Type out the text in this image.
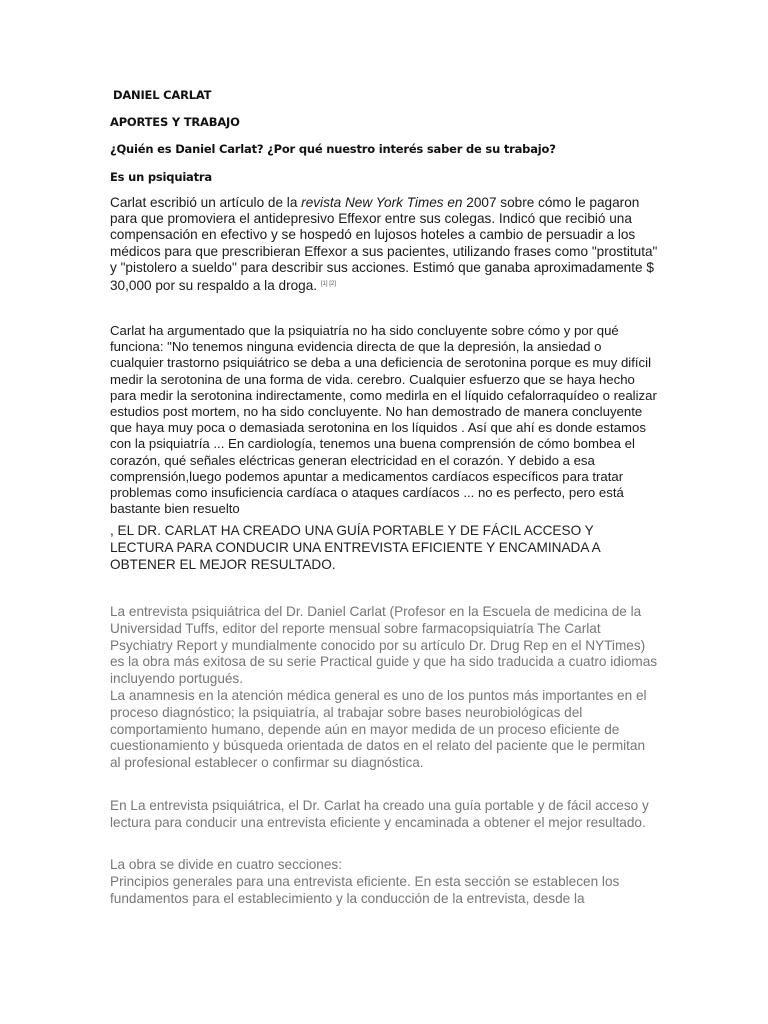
DANIEL CARLAT
APORTES Y TRABAJO
¿Quién es Daniel Carlat? ¿Por qué nuestro interés saber de su trabajo?
Es un psiquiatra

Carlat escribió un artículo de la revista New York Times en 2007 sobre cómo le pagaron para que promoviera el antidepresivo Effexor entre sus colegas. Indicó que recibió una compensación en efectivo y se hospedó en lujosos hoteles a cambio de persuadir a los médicos para que prescribieran Effexor a sus pacientes, utilizando frases como "prostituta" y "pistolero a sueldo" para describir sus acciones. Estimó que ganaba aproximadamente $ 30,000 por su respaldo a la droga. [1] [2]

Carlat ha argumentado que la psiquiatría no ha sido concluyente sobre cómo y por qué funciona: "No tenemos ninguna evidencia directa de que la depresión, la ansiedad o cualquier trastorno psiquiátrico se deba a una deficiencia de serotonina porque es muy difícil medir la serotonina de una forma de vida. cerebro. Cualquier esfuerzo que se haya hecho para medir la serotonina indirectamente, como medirla en el líquido cefalorraquídeo o realizar estudios post mortem, no ha sido concluyente. No han demostrado de manera concluyente que haya muy poca o demasiada serotonina en los líquidos . Así que ahí es donde estamos con la psiquiatría ... En cardiología, tenemos una buena comprensión de cómo bombea el corazón, qué señales eléctricas generan electricidad en el corazón. Y debido a esa comprensión,luego podemos apuntar a medicamentos cardíacos específicos para tratar problemas como insuficiencia cardíaca o ataques cardíacos ... no es perfecto, pero está bastante bien resuelto

, EL DR. CARLAT HA CREADO UNA GUÍA PORTABLE Y DE FÁCIL ACCESO Y LECTURA PARA CONDUCIR UNA ENTREVISTA EFICIENTE Y ENCAMINADA A OBTENER EL MEJOR RESULTADO.

La entrevista psiquiátrica del Dr. Daniel Carlat (Profesor en la Escuela de medicina de la Universidad Tuffs, editor del reporte mensual sobre farmacopsiquiatría The Carlat Psychiatry Report y mundialmente conocido por su artículo Dr. Drug Rep en el NYTimes) es la obra más exitosa de su serie Practical guide y que ha sido traducida a cuatro idiomas incluyendo portugués.

La anamnesis en la atención médica general es uno de los puntos más importantes en el proceso diagnóstico; la psiquiatría, al trabajar sobre bases neurobiológicas del comportamiento humano, depende aún en mayor medida de un proceso eficiente de cuestionamiento y búsqueda orientada de datos en el relato del paciente que le permitan al profesional establecer o confirmar su diagnóstica.

En La entrevista psiquiátrica, el Dr. Carlat ha creado una guía portable y de fácil acceso y lectura para conducir una entrevista eficiente y encaminada a obtener el mejor resultado.

La obra se divide en cuatro secciones:

Principios generales para una entrevista eficiente. En esta sección se establecen los fundamentos para el establecimiento y la conducción de la entrevista, desde la
